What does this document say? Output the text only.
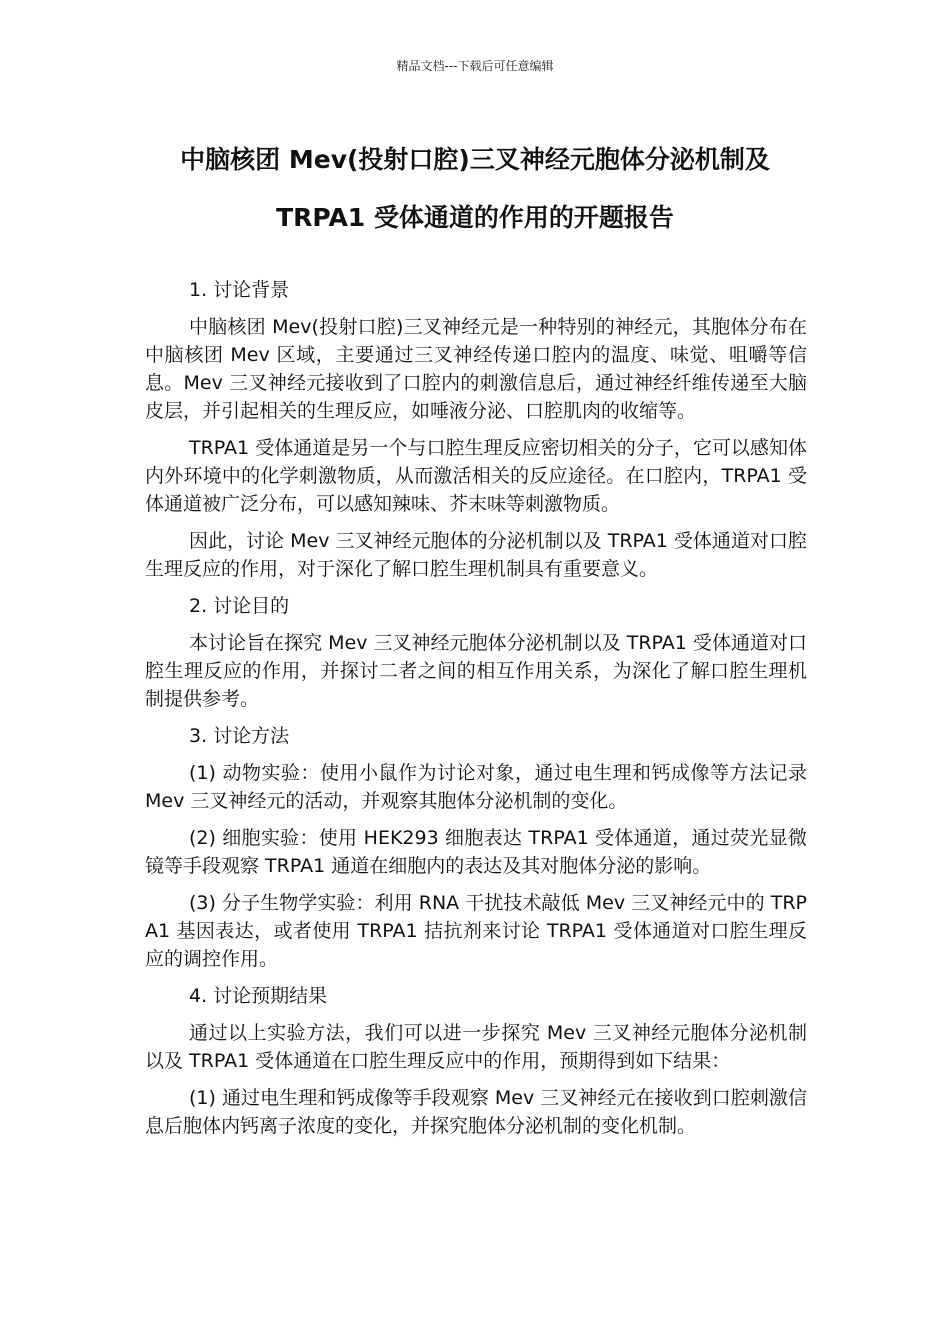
精品文档---下载后可任意编辑
中脑核团 Mev(投射口腔)三叉神经元胞体分泌机制及
TRPA1 受体通道的作用的开题报告
1. 讨论背景

中脑核团 Mev(投射口腔)三叉神经元是一种特别的神经元，其胞体分布在中脑核团 Mev 区域，主要通过三叉神经传递口腔内的温度、味觉、咀嚼等信息。Mev 三叉神经元接收到了口腔内的刺激信息后，通过神经纤维传递至大脑皮层，并引起相关的生理反应，如唾液分泌、口腔肌肉的收缩等。

TRPA1 受体通道是另一个与口腔生理反应密切相关的分子，它可以感知体内外环境中的化学刺激物质，从而激活相关的反应途径。在口腔内，TRPA1 受体通道被广泛分布，可以感知辣味、芥末味等刺激物质。

因此，讨论 Mev 三叉神经元胞体的分泌机制以及 TRPA1 受体通道对口腔生理反应的作用，对于深化了解口腔生理机制具有重要意义。

2. 讨论目的

本讨论旨在探究 Mev 三叉神经元胞体分泌机制以及 TRPA1 受体通道对口腔生理反应的作用，并探讨二者之间的相互作用关系，为深化了解口腔生理机制提供参考。

3. 讨论方法

(1) 动物实验：使用小鼠作为讨论对象，通过电生理和钙成像等方法记录 Mev 三叉神经元的活动，并观察其胞体分泌机制的变化。

(2) 细胞实验：使用 HEK293 细胞表达 TRPA1 受体通道，通过荧光显微镜等手段观察 TRPA1 通道在细胞内的表达及其对胞体分泌的影响。

(3) 分子生物学实验：利用 RNA 干扰技术敲低 Mev 三叉神经元中的 TRPA1 基因表达，或者使用 TRPA1 拮抗剂来讨论 TRPA1 受体通道对口腔生理反应的调控作用。

4. 讨论预期结果

通过以上实验方法，我们可以进一步探究 Mev 三叉神经元胞体分泌机制以及 TRPA1 受体通道在口腔生理反应中的作用，预期得到如下结果：

(1) 通过电生理和钙成像等手段观察 Mev 三叉神经元在接收到口腔刺激信息后胞体内钙离子浓度的变化，并探究胞体分泌机制的变化机制。
